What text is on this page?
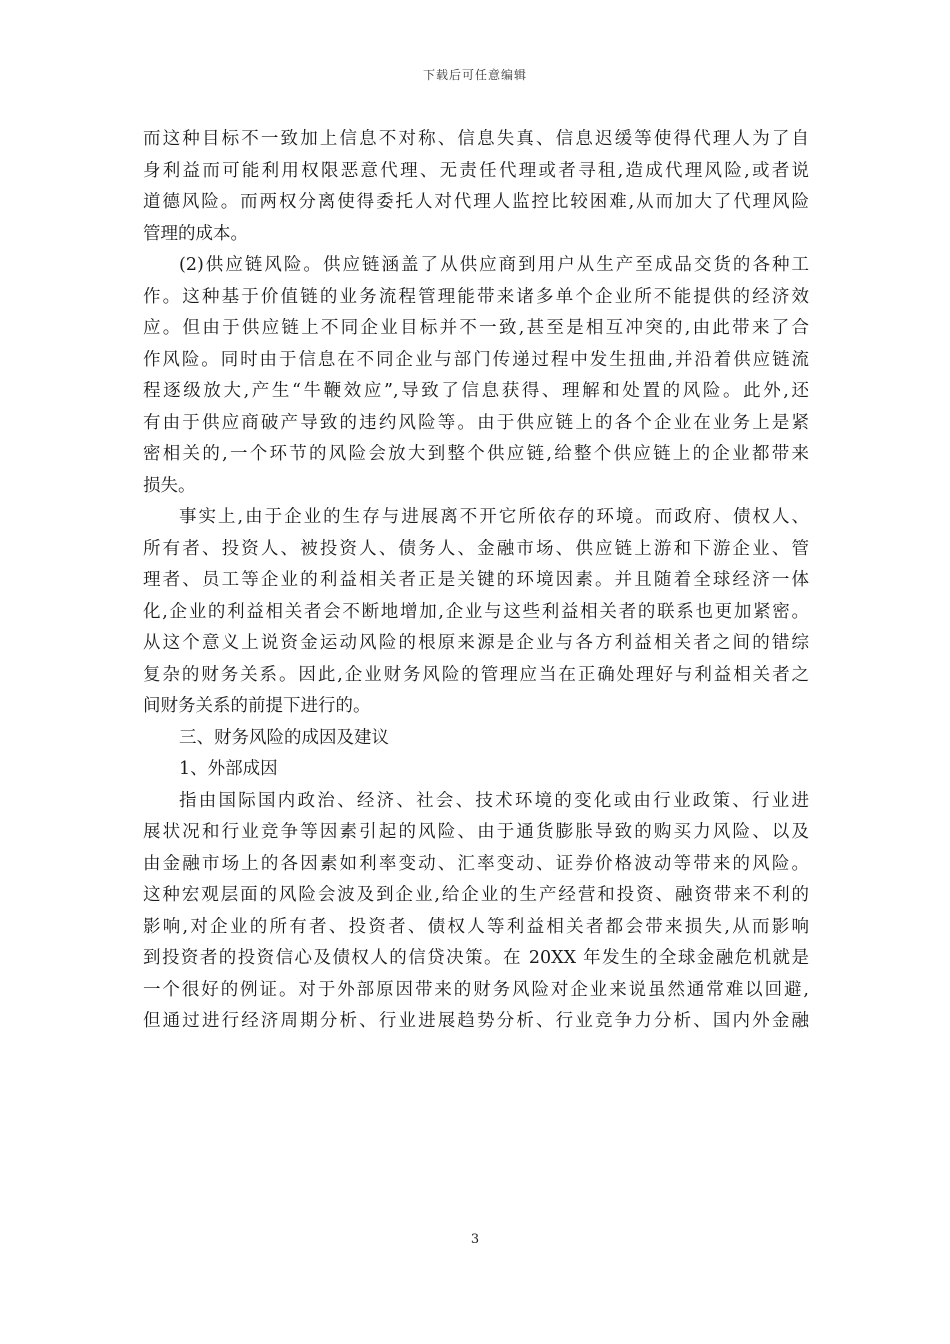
下载后可任意编辑
而这种目标不一致加上信息不对称、信息失真、信息迟缓等使得代理人为了自
身利益而可能利用权限恶意代理、无责任代理或者寻租,造成代理风险,或者说
道德风险。而两权分离使得委托人对代理人监控比较困难,从而加大了代理风险
管理的成本。
(2)供应链风险。供应链涵盖了从供应商到用户从生产至成品交货的各种工
作。这种基于价值链的业务流程管理能带来诸多单个企业所不能提供的经济效
应。但由于供应链上不同企业目标并不一致,甚至是相互冲突的,由此带来了合
作风险。同时由于信息在不同企业与部门传递过程中发生扭曲,并沿着供应链流
程逐级放大,产生“牛鞭效应”,导致了信息获得、理解和处置的风险。此外,还
有由于供应商破产导致的违约风险等。由于供应链上的各个企业在业务上是紧
密相关的,一个环节的风险会放大到整个供应链,给整个供应链上的企业都带来
损失。
事实上,由于企业的生存与进展离不开它所依存的环境。而政府、债权人、
所有者、投资人、被投资人、债务人、金融市场、供应链上游和下游企业、管
理者、员工等企业的利益相关者正是关键的环境因素。并且随着全球经济一体
化,企业的利益相关者会不断地增加,企业与这些利益相关者的联系也更加紧密。
从这个意义上说资金运动风险的根原来源是企业与各方利益相关者之间的错综
复杂的财务关系。因此,企业财务风险的管理应当在正确处理好与利益相关者之
间财务关系的前提下进行的。
三、财务风险的成因及建议
1、外部成因
指由国际国内政治、经济、社会、技术环境的变化或由行业政策、行业进
展状况和行业竞争等因素引起的风险、由于通货膨胀导致的购买力风险、以及
由金融市场上的各因素如利率变动、汇率变动、证券价格波动等带来的风险。
这种宏观层面的风险会波及到企业,给企业的生产经营和投资、融资带来不利的
影响,对企业的所有者、投资者、债权人等利益相关者都会带来损失,从而影响
到投资者的投资信心及债权人的信贷决策。在 20XX 年发生的全球金融危机就是
一个很好的例证。对于外部原因带来的财务风险对企业来说虽然通常难以回避,
但通过进行经济周期分析、行业进展趋势分析、行业竞争力分析、国内外金融
3
